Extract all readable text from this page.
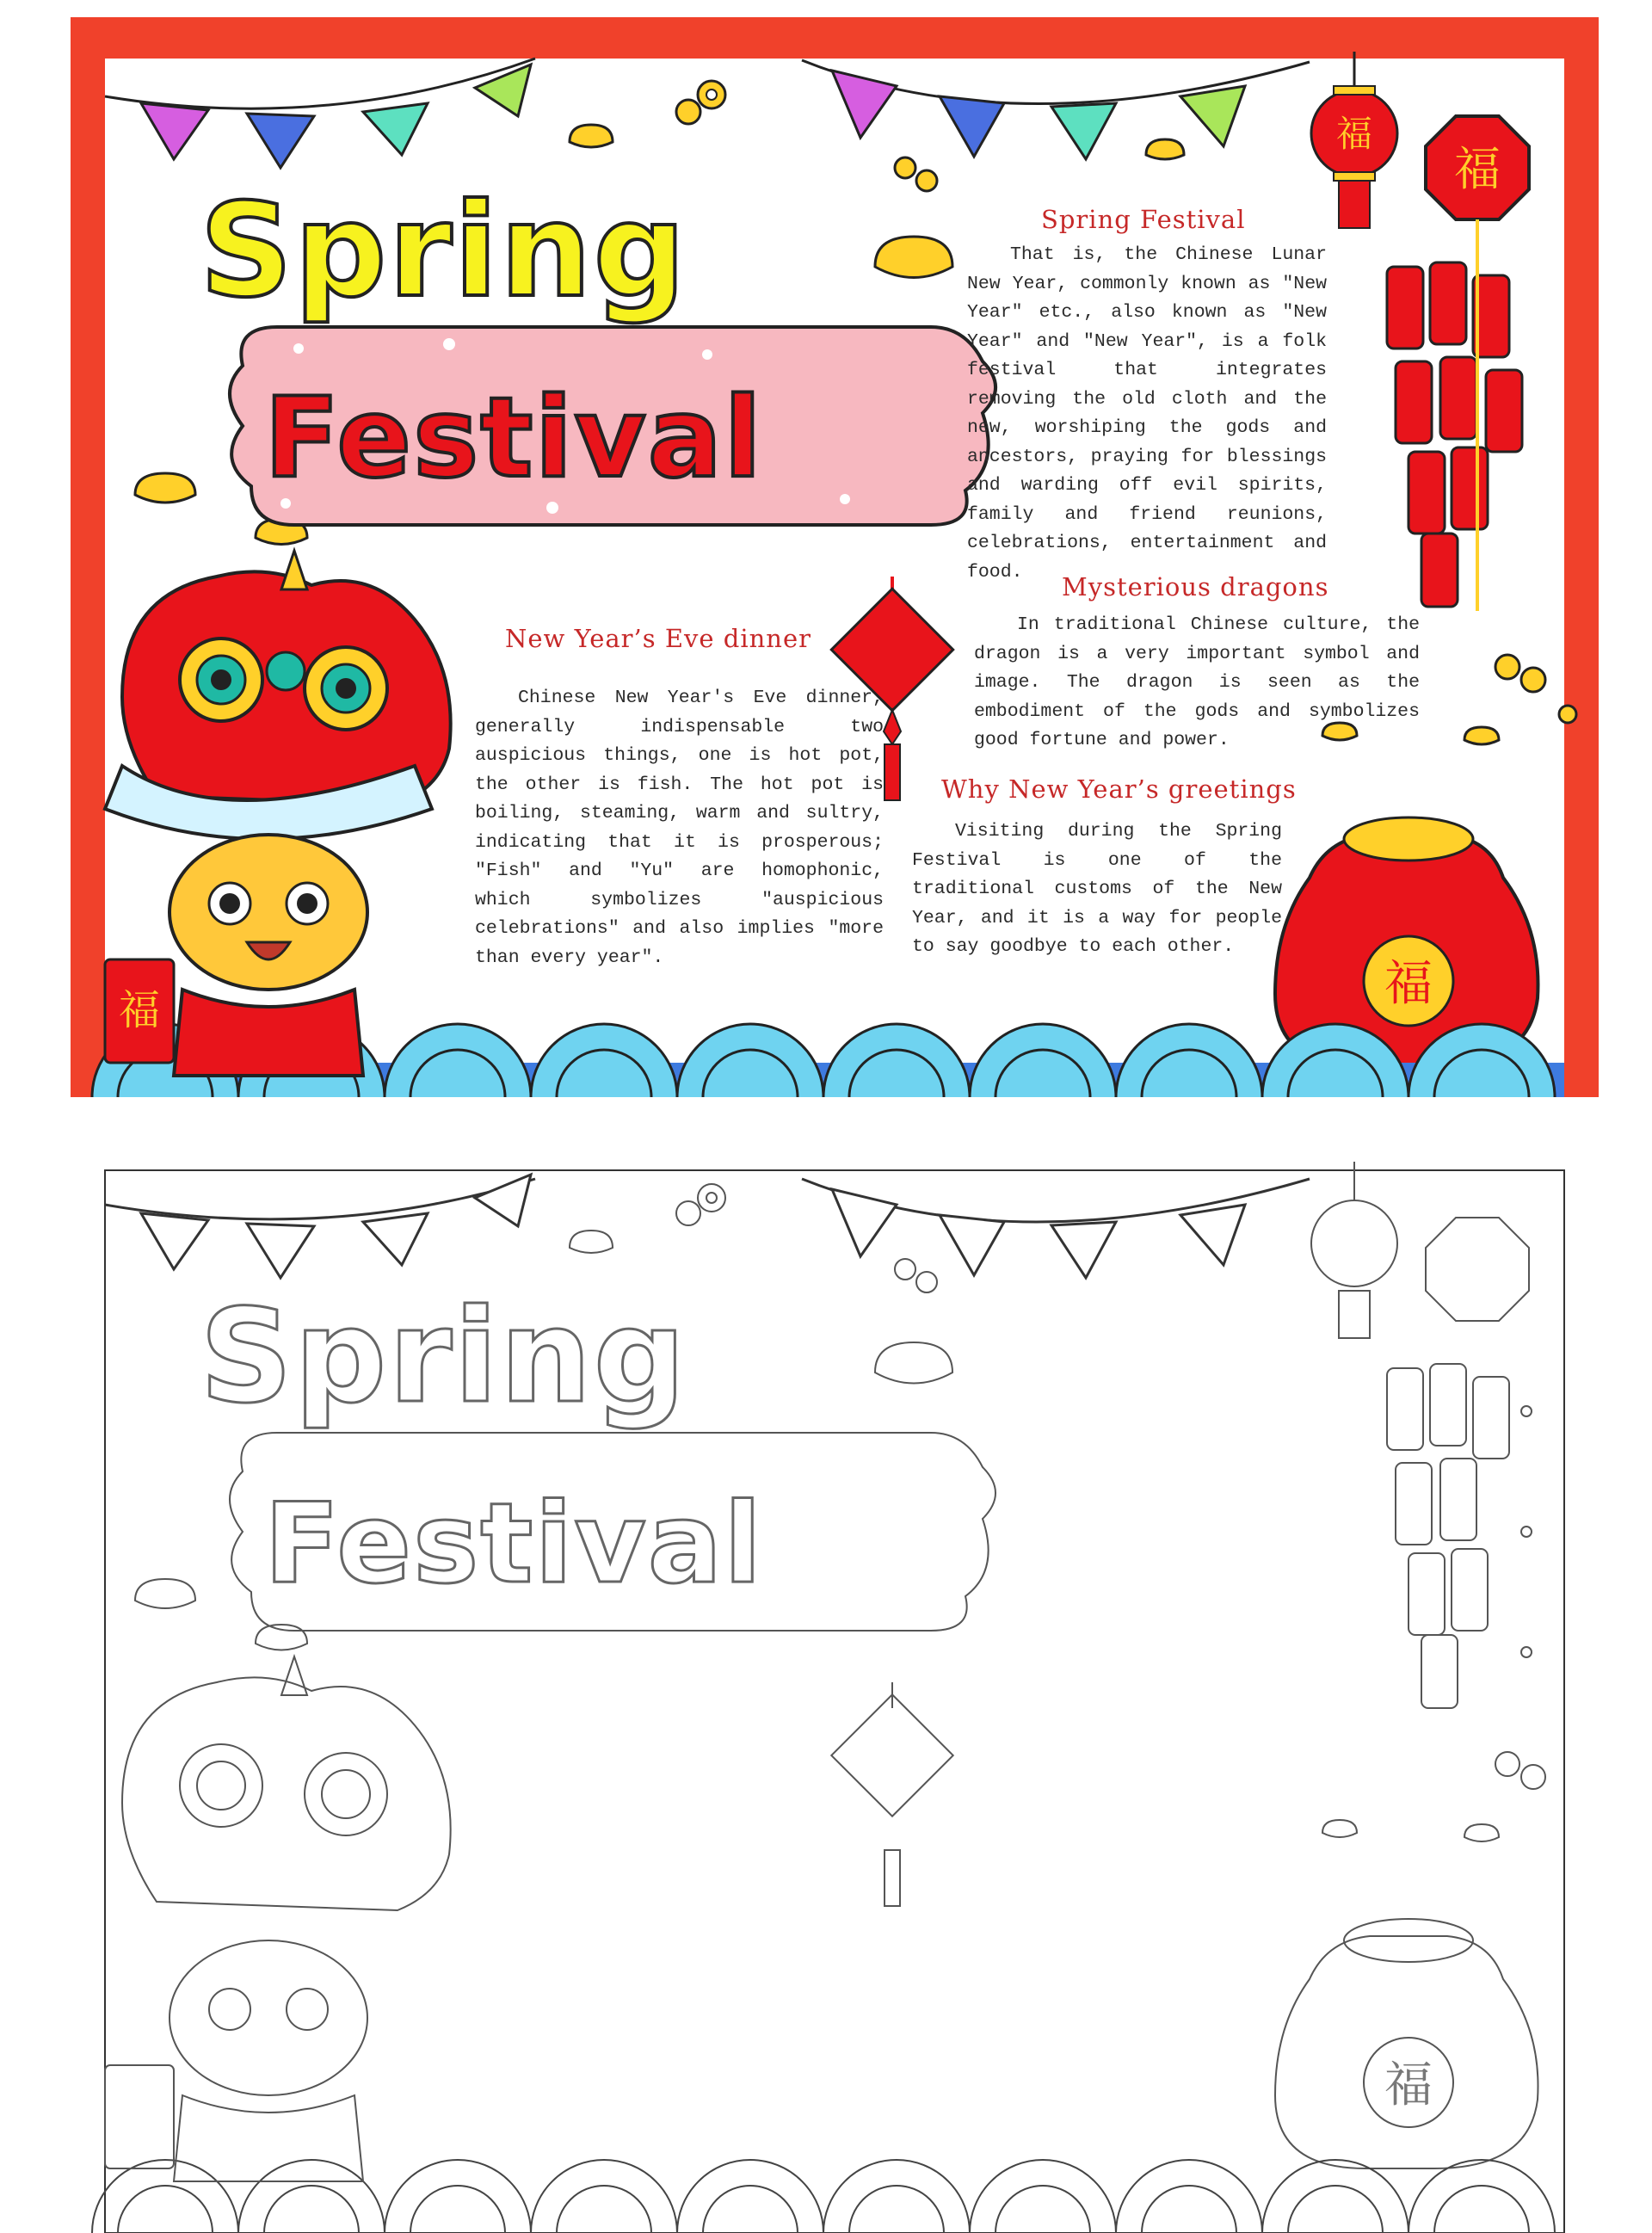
福
福
福
福
Spring
Festival
Spring Festival

That is, the Chinese Lunar New Year, commonly known as "New Year" etc., also known as "New Year" and "New Year", is a folk festival that integrates removing the old cloth and the new, worshiping the gods and ancestors, praying for blessings and warding off evil spirits, family and friend reunions, celebrations, entertainment and food.

New Year’s Eve dinner

Chinese New Year's Eve dinner, generally indispensable two auspicious things, one is hot pot, the other is fish. The hot pot is boiling, steaming, warm and sultry, indicating that it is prosperous; "Fish" and "Yu" are homophonic, which symbolizes "auspicious celebrations" and also implies "more than every year".

Mysterious dragons

In traditional Chinese culture, the dragon is a very important symbol and image. The dragon is seen as the embodiment of the gods and symbolizes good fortune and power.

Why New Year’s greetings

Visiting during the Spring Festival is one of the traditional customs of the New Year, and it is a way for people to say goodbye to each other.

福
Spring
Festival
